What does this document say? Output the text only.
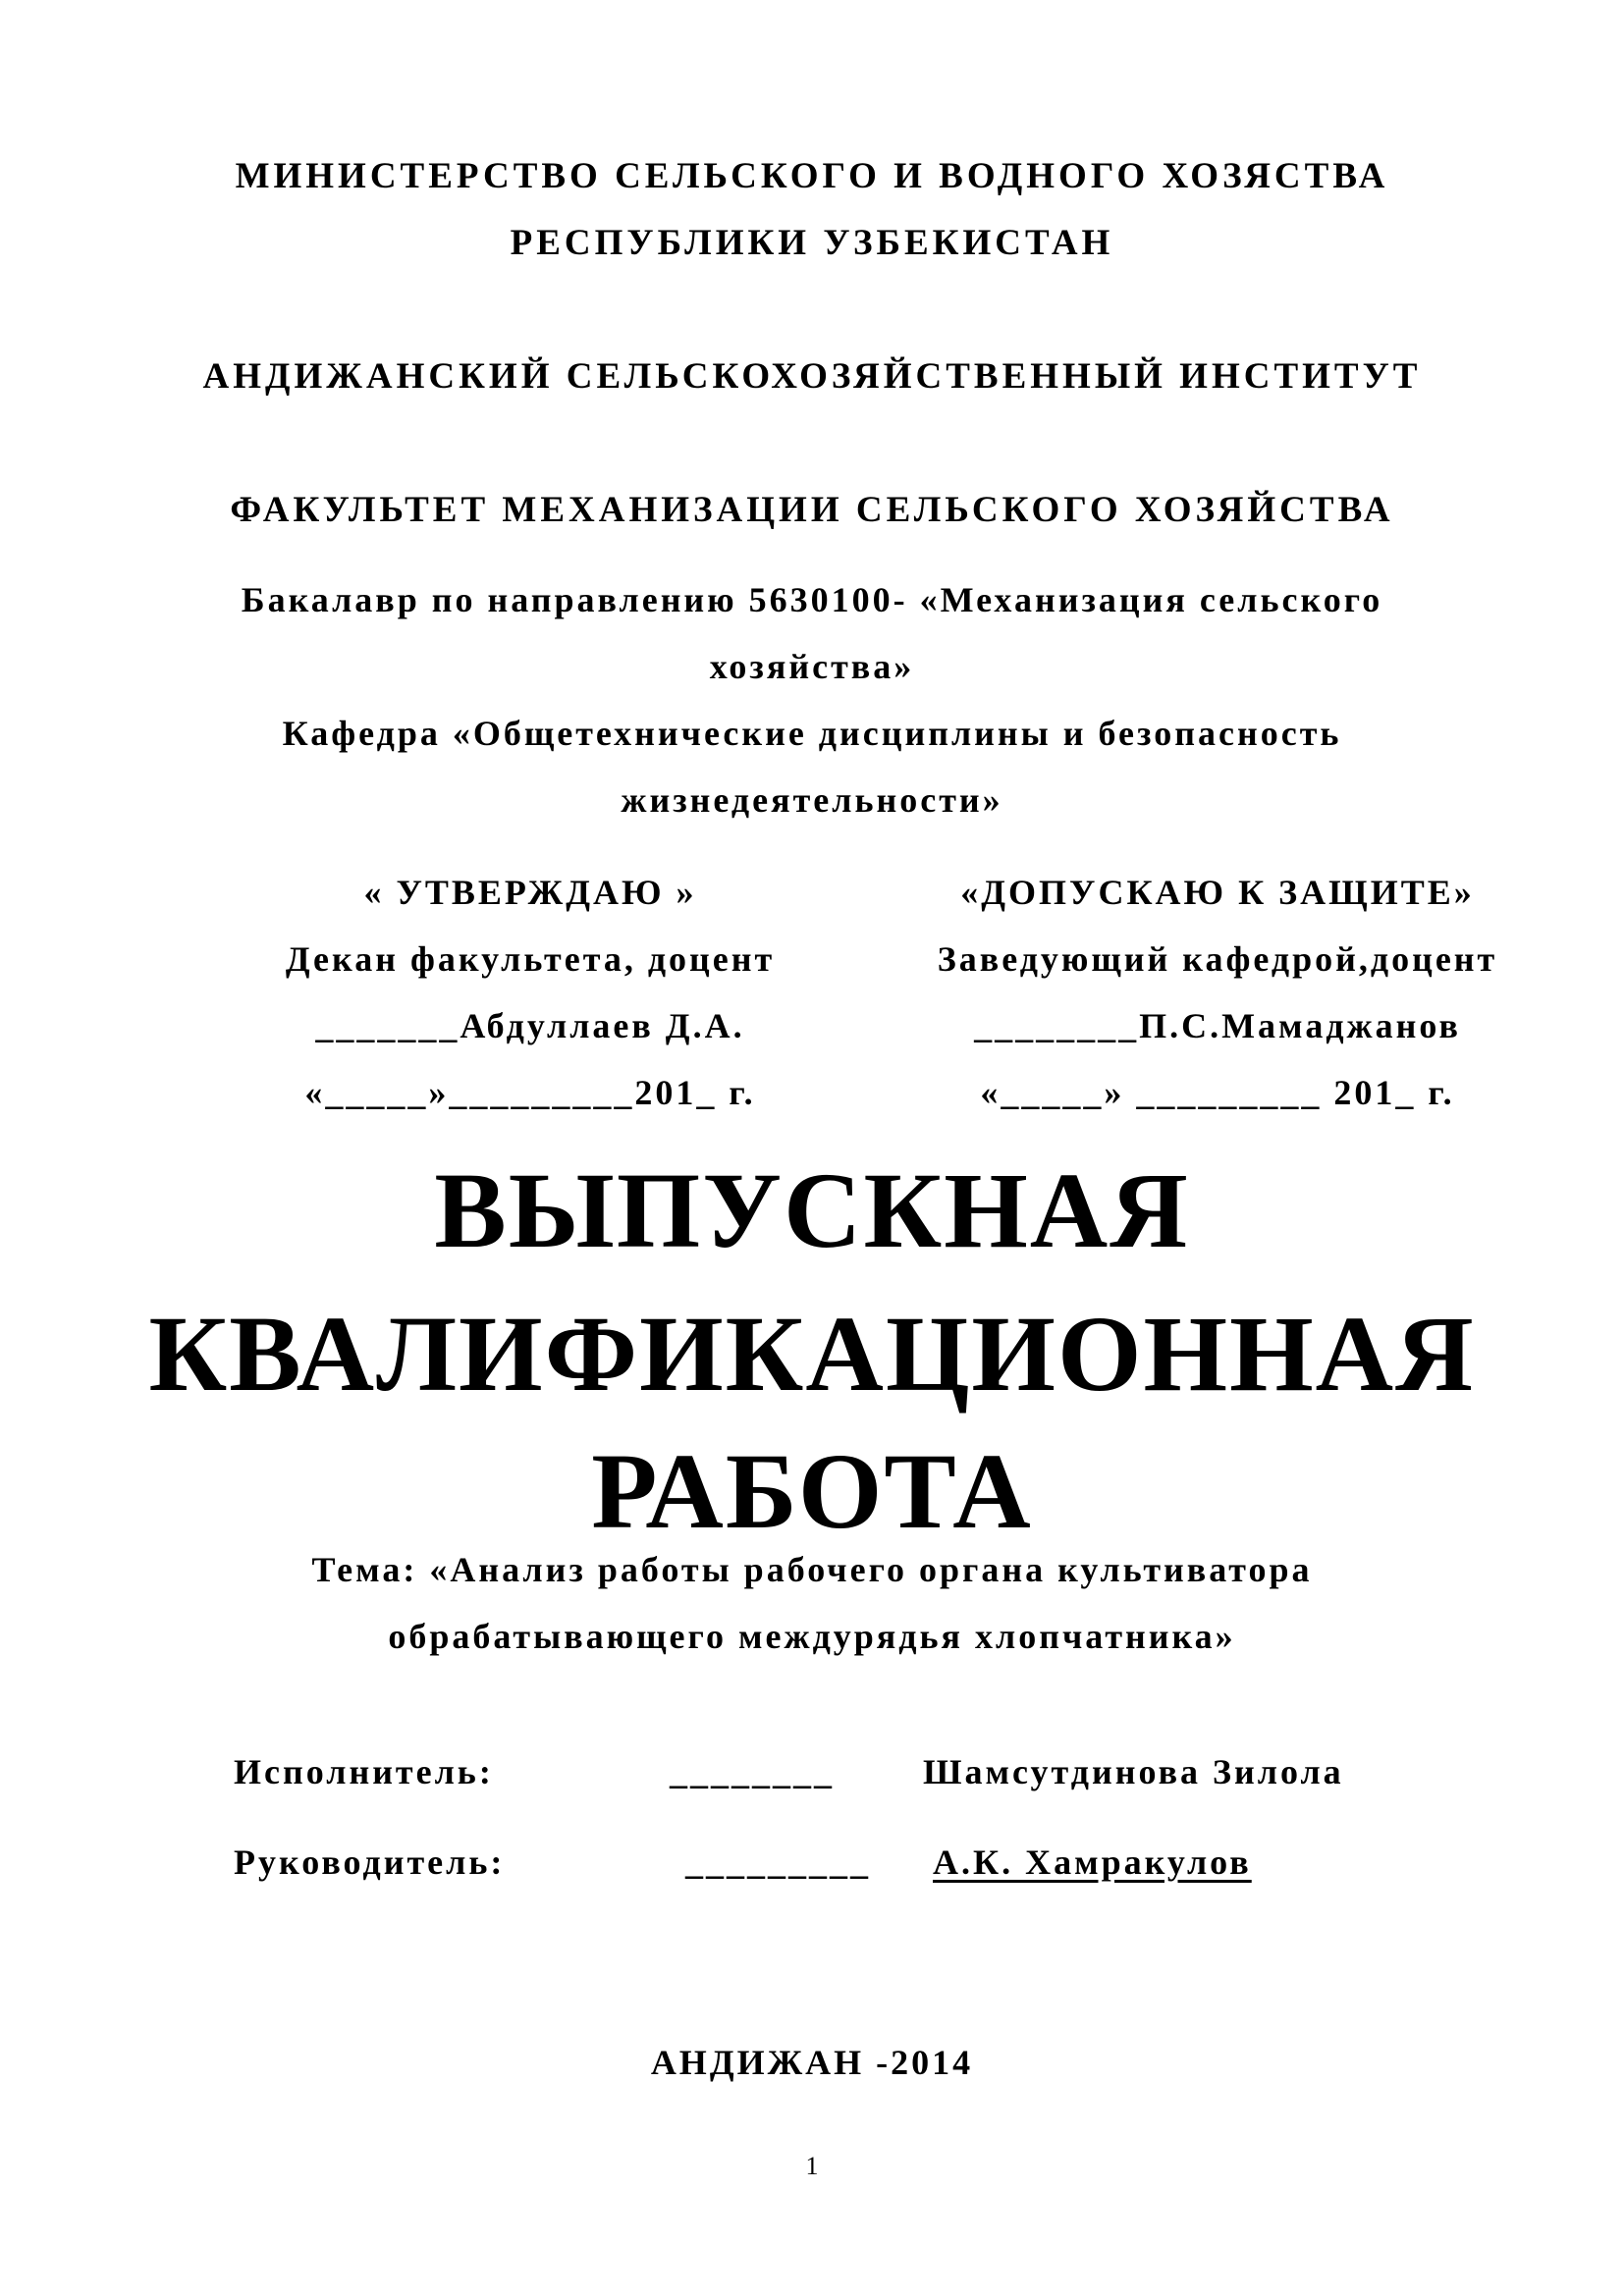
МИНИСТЕРСТВО СЕЛЬСКОГО И ВОДНОГО ХОЗЯСТВА
РЕСПУБЛИКИ УЗБЕКИСТАН
АНДИЖАНСКИЙ СЕЛЬСКОХОЗЯЙСТВЕННЫЙ ИНСТИТУТ
ФАКУЛЬТЕТ МЕХАНИЗАЦИИ СЕЛЬСКОГО ХОЗЯЙСТВА
Бакалавр по направлению 5630100- «Механизация сельского
хозяйства»
Кафедра «Общетехнические дисциплины и безопасность
жизнедеятельности»
« УТВЕРЖДАЮ »
Декан факультета, доцент
_______Абдуллаев Д.А.
«_____»_________201_ г.
«ДОПУСКАЮ К ЗАЩИТЕ»
Заведующий кафедрой,доцент
________П.С.Мамаджанов
«_____» _________ 201_ г.
ВЫПУСКНАЯ
КВАЛИФИКАЦИОННАЯ
РАБОТА
Тема: «Анализ работы рабочего органа культиватора
обрабатывающего междурядья хлопчатника»
Исполнитель:	________	Шамсутдинова Зилола
Руководитель:	_________ А.К. Хамракулов
АНДИЖАН -2014
1
